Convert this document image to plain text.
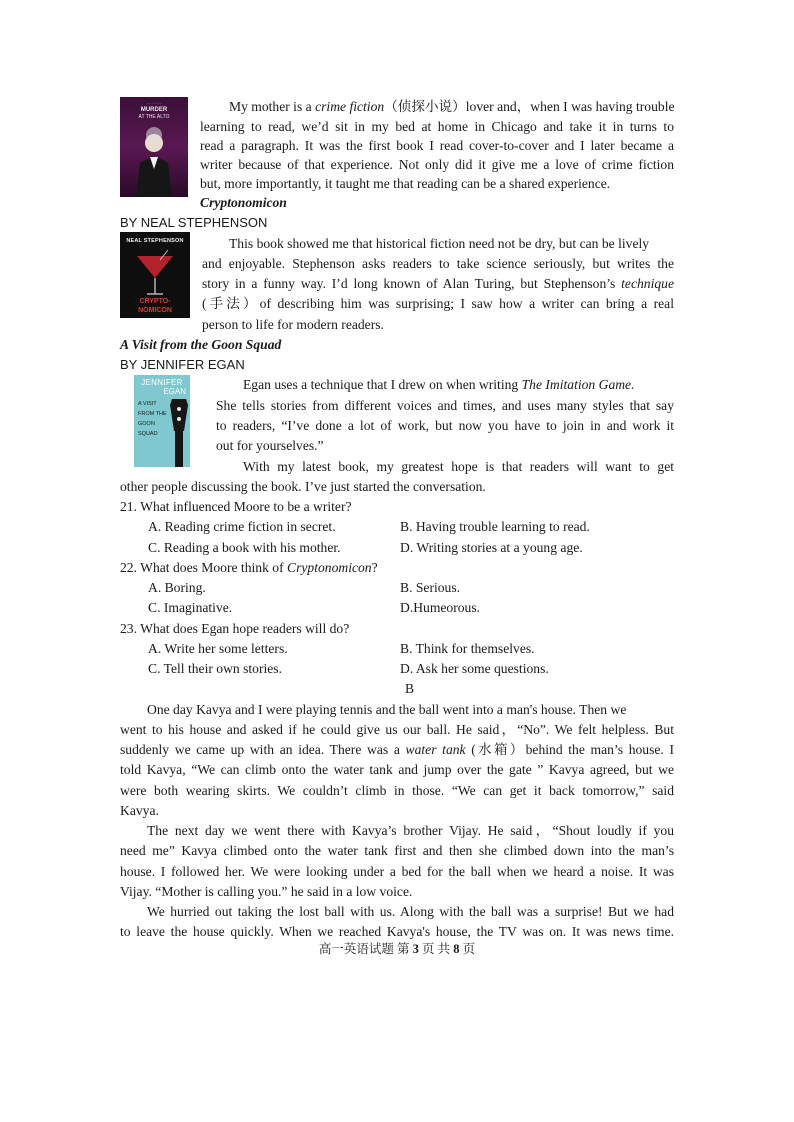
··· ··· ···
MURDER
AT THE ALTO
My mother is a crime fiction（侦探小说）lover and，when I was having trouble
learning to read, we’d sit in my bed at home in Chicago and take it in turns to
read a paragraph. It was the first book I read cover-to-cover and I later became a
writer because of that experience. Not only did it give me a love of crime fiction
but, more importantly, it taught me that reading can be a shared experience.
Cryptonomicon
BY NEAL STEPHENSON
NEAL STEPHENSON
CRYPTO-
NOMICON
This book showed me that historical fiction need not be dry, but can be lively
and enjoyable. Stephenson asks readers to take science seriously, but writes the
story in a funny way. I’d long known of Alan Turing, but Stephenson’s technique
(手法）of describing him was surprising; I saw how a writer can bring a real
person to life for modern readers.
A Visit from the Goon Squad
BY JENNIFER EGAN
JENNIFER
EGAN
A VISIT
FROM THE
GOON
SQUAD
Egan uses a technique that I drew on when writing The Imitation Game.
She tells stories from different voices and times, and uses many styles that say
to readers, “I’ve done a lot of work, but now you have to join in and work it
out for yourselves.”
With my latest book, my greatest hope is that readers will want to get
other people discussing the book. I’ve just started the conversation.
21. What influenced Moore to be a writer?
A. Reading crime fiction in secret.	B. Having trouble learning to read.
C. Reading a book with his mother.	D. Writing stories at a young age.
22. What does Moore think of Cryptonomicon?
A. Boring.	B. Serious.
C. Imaginative.	D.Humeorous.
23. What does Egan hope readers will do?
A. Write her some letters.	B. Think for themselves.
C. Tell their own stories.	D. Ask her some questions.
B
One day Kavya and I were playing tennis and the ball went into a man's house. Then we
went to his house and asked if he could give us our ball. He said，“No”. We felt helpless. But
suddenly we came up with an idea. There was a water tank (水箱）behind the man’s house. I
told Kavya, “We can climb onto the water tank and jump over the gate ” Kavya agreed, but we
were both wearing skirts. We couldn’t climb in those. “We can get it back tomorrow,” said
Kavya.
The next day we went there with Kavya’s brother Vijay. He said，“Shout loudly if you
need me” Kavya climbed onto the water tank first and then she climbed down into the man’s
house. I followed her. We were looking under a bed for the ball when we heard a noise. It was
Vijay. “Mother is calling you.” he said in a low voice.
We hurried out taking the lost ball with us. Along with the ball was a surprise! But we had
to leave the house quickly. When we reached Kavya's house, the TV was on. It was news time.
高一英语试题 第 3 页 共 8 页
